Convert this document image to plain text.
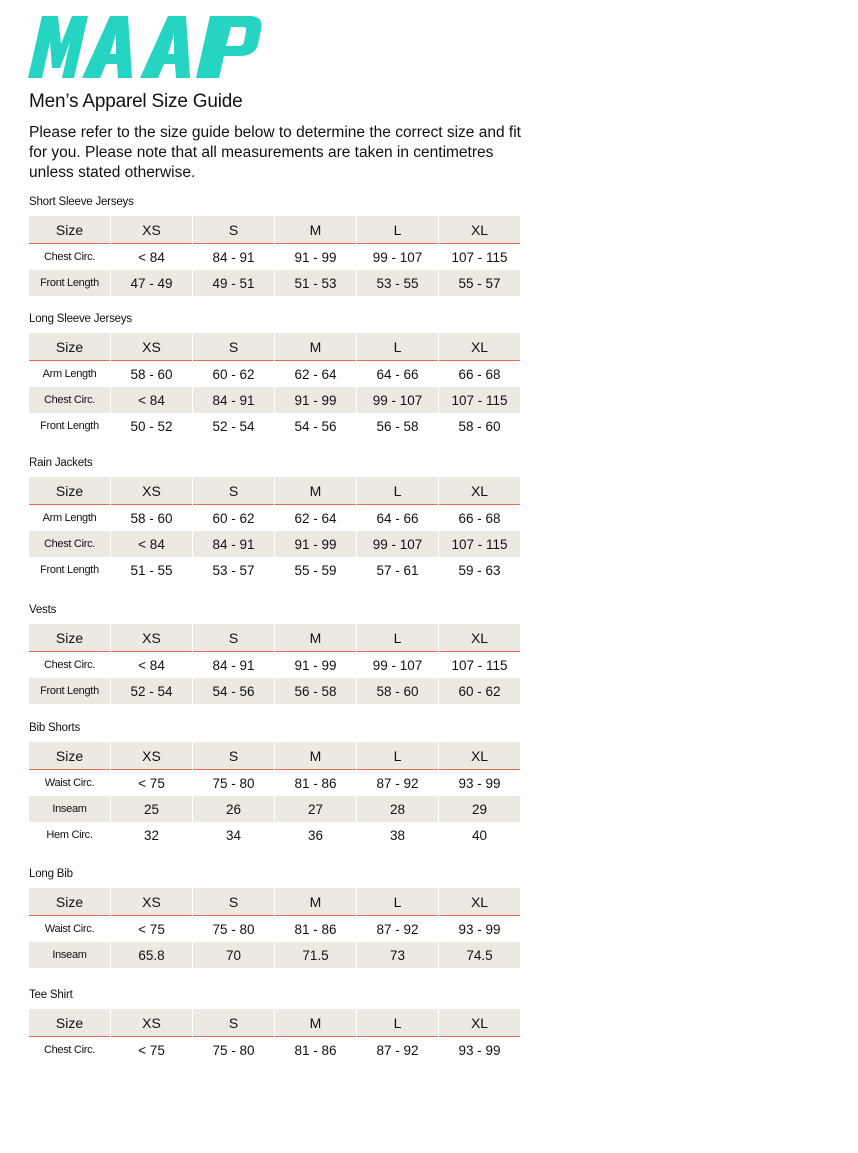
Men’s Apparel Size Guide
Please refer to the size guide below to determine the correct size and fit for you. Please note that all measurements are taken in centimetres unless stated otherwise.
Short Sleeve Jerseys
Size	XS	S	M	L	XL
Chest Circ.	< 84	84 - 91	91 - 99	99 - 107	107 - 115
Front Length	47 - 49	49 - 51	51 - 53	53 - 55	55 - 57
Long Sleeve Jerseys
Size	XS	S	M	L	XL
Arm Length	58 - 60	60 - 62	62 - 64	64 - 66	66 - 68
Chest Circ.	< 84	84 - 91	91 - 99	99 - 107	107 - 115
Front Length	50 - 52	52 - 54	54 - 56	56 - 58	58 - 60
Rain Jackets
Size	XS	S	M	L	XL
Arm Length	58 - 60	60 - 62	62 - 64	64 - 66	66 - 68
Chest Circ.	< 84	84 - 91	91 - 99	99 - 107	107 - 115
Front Length	51 - 55	53 - 57	55 - 59	57 - 61	59 - 63
Vests
Size	XS	S	M	L	XL
Chest Circ.	< 84	84 - 91	91 - 99	99 - 107	107 - 115
Front Length	52 - 54	54 - 56	56 - 58	58 - 60	60 - 62
Bib Shorts
Size	XS	S	M	L	XL
Waist Circ.	< 75	75 - 80	81 - 86	87 - 92	93 - 99
Inseam	25	26	27	28	29
Hem Circ.	32	34	36	38	40
Long Bib
Size	XS	S	M	L	XL
Waist Circ.	< 75	75 - 80	81 - 86	87 - 92	93 - 99
Inseam	65.8	70	71.5	73	74.5
Tee Shirt
Size	XS	S	M	L	XL
Chest Circ.	< 75	75 - 80	81 - 86	87 - 92	93 - 99
